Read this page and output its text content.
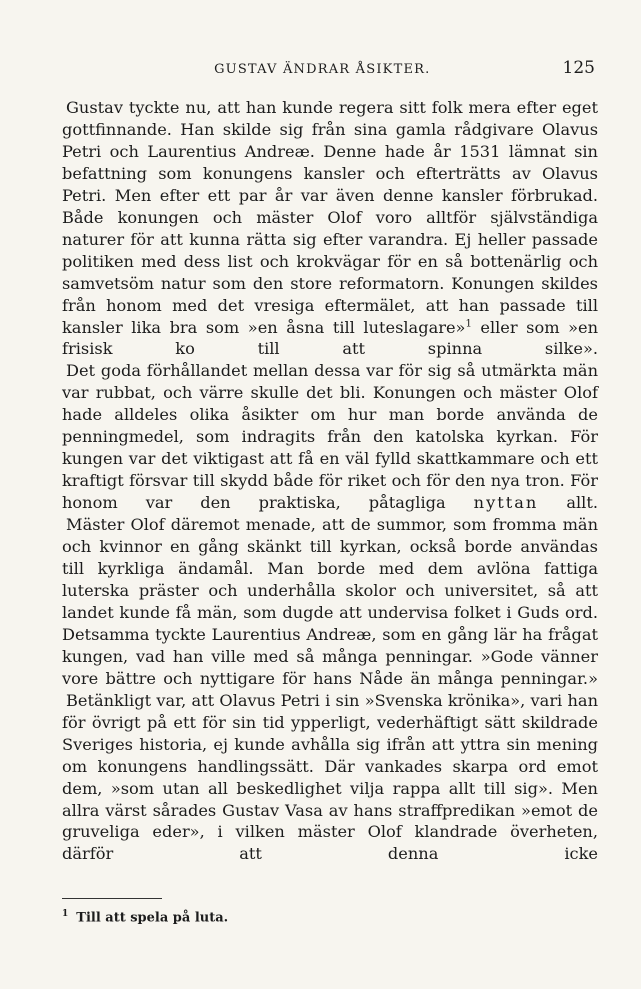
GUSTAV ÄNDRAR ÅSIKTER.	125

Gustav tyckte nu, att han kunde regera sitt folk mera efter eget gottfinnande. Han skilde sig från sina gamla rådgivare Olavus Petri och Laurentius Andreæ. Denne hade år 1531 lämnat sin befattning som konungens kansler och efterträtts av Olavus Petri. Men efter ett par år var även denne kansler förbrukad. Både konungen och mäster Olof voro alltför självständiga naturer för att kunna rätta sig efter varandra. Ej heller passade politiken med dess list och krokvägar för en så bottenärlig och samvetsöm natur som den store reformatorn. Konungen skildes från honom med det vresiga eftermälet, att han passade till kansler lika bra som »en åsna till luteslagare»$^1$ eller som »en frisisk ko till att spinna silke».

Det goda förhållandet mellan dessa var för sig så utmärkta män var rubbat, och värre skulle det bli. Konungen och mäster Olof hade alldeles olika åsikter om hur man borde använda de penningmedel, som indragits från den katolska kyrkan. För kungen var det viktigast att få en väl fylld skattkammare och ett kraftigt försvar till skydd både för riket och för den nya tron. För honom var den praktiska, påtagliga nyttan allt.

Mäster Olof däremot menade, att de summor, som fromma män och kvinnor en gång skänkt till kyrkan, också borde användas till kyrkliga ändamål. Man borde med dem avlöna fattiga luterska präster och underhålla skolor och universitet, så att landet kunde få män, som dugde att undervisa folket i Guds ord. Detsamma tyckte Laurentius Andreæ, som en gång lär ha frågat kungen, vad han ville med så många penningar. »Gode vänner vore bättre och nyttigare för hans Nåde än många penningar.»

Betänkligt var, att Olavus Petri i sin »Svenska krönika», vari han för övrigt på ett för sin tid ypperligt, vederhäftigt sätt skildrade Sveriges historia, ej kunde avhålla sig ifrån att yttra sin mening om konungens handlingssätt. Där vankades skarpa ord emot dem, »som utan all beskedlighet vilja rappa allt till sig». Men allra värst sårades Gustav Vasa av hans straffpredikan »emot de gruveliga eder», i vilken mäster Olof klandrade överheten, därför att denna icke

$^1$ Till att spela på luta.
